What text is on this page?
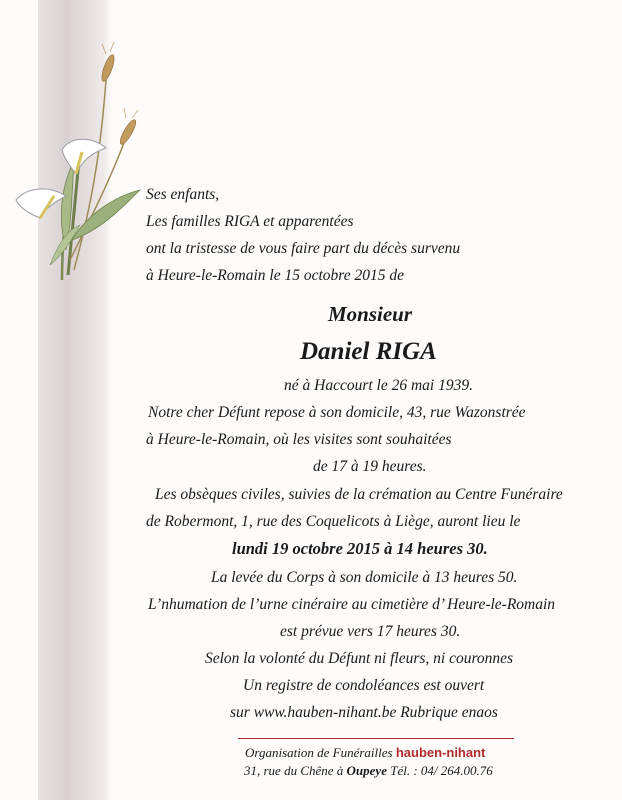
Ses enfants,
Les familles RIGA et apparentées
ont la tristesse de vous faire part du décès survenu
à Heure-le-Romain le 15 octobre 2015 de
Monsieur
Daniel RIGA
né à Haccourt le 26 mai 1939.
Notre cher Défunt repose à son domicile, 43, rue Wazonstrée
à Heure-le-Romain, où les visites sont souhaitées
de 17 à 19 heures.
Les obsèques civiles, suivies de la crémation au Centre Funéraire
de Robermont, 1, rue des Coquelicots à Liège, auront lieu le
lundi 19 octobre 2015 à 14 heures 30.
La levée du Corps à son domicile à 13 heures 50.
L’nhumation de l’urne cinéraire au cimetière d’ Heure-le-Romain
est prévue vers 17 heures 30.
Selon la volonté du Défunt ni fleurs, ni couronnes
Un registre de condoléances est ouvert
sur www.hauben-nihant.be Rubrique enaos
Organisation de Funérailles hauben-nihant
31, rue du Chêne à Oupeye Tél. : 04/ 264.00.76
